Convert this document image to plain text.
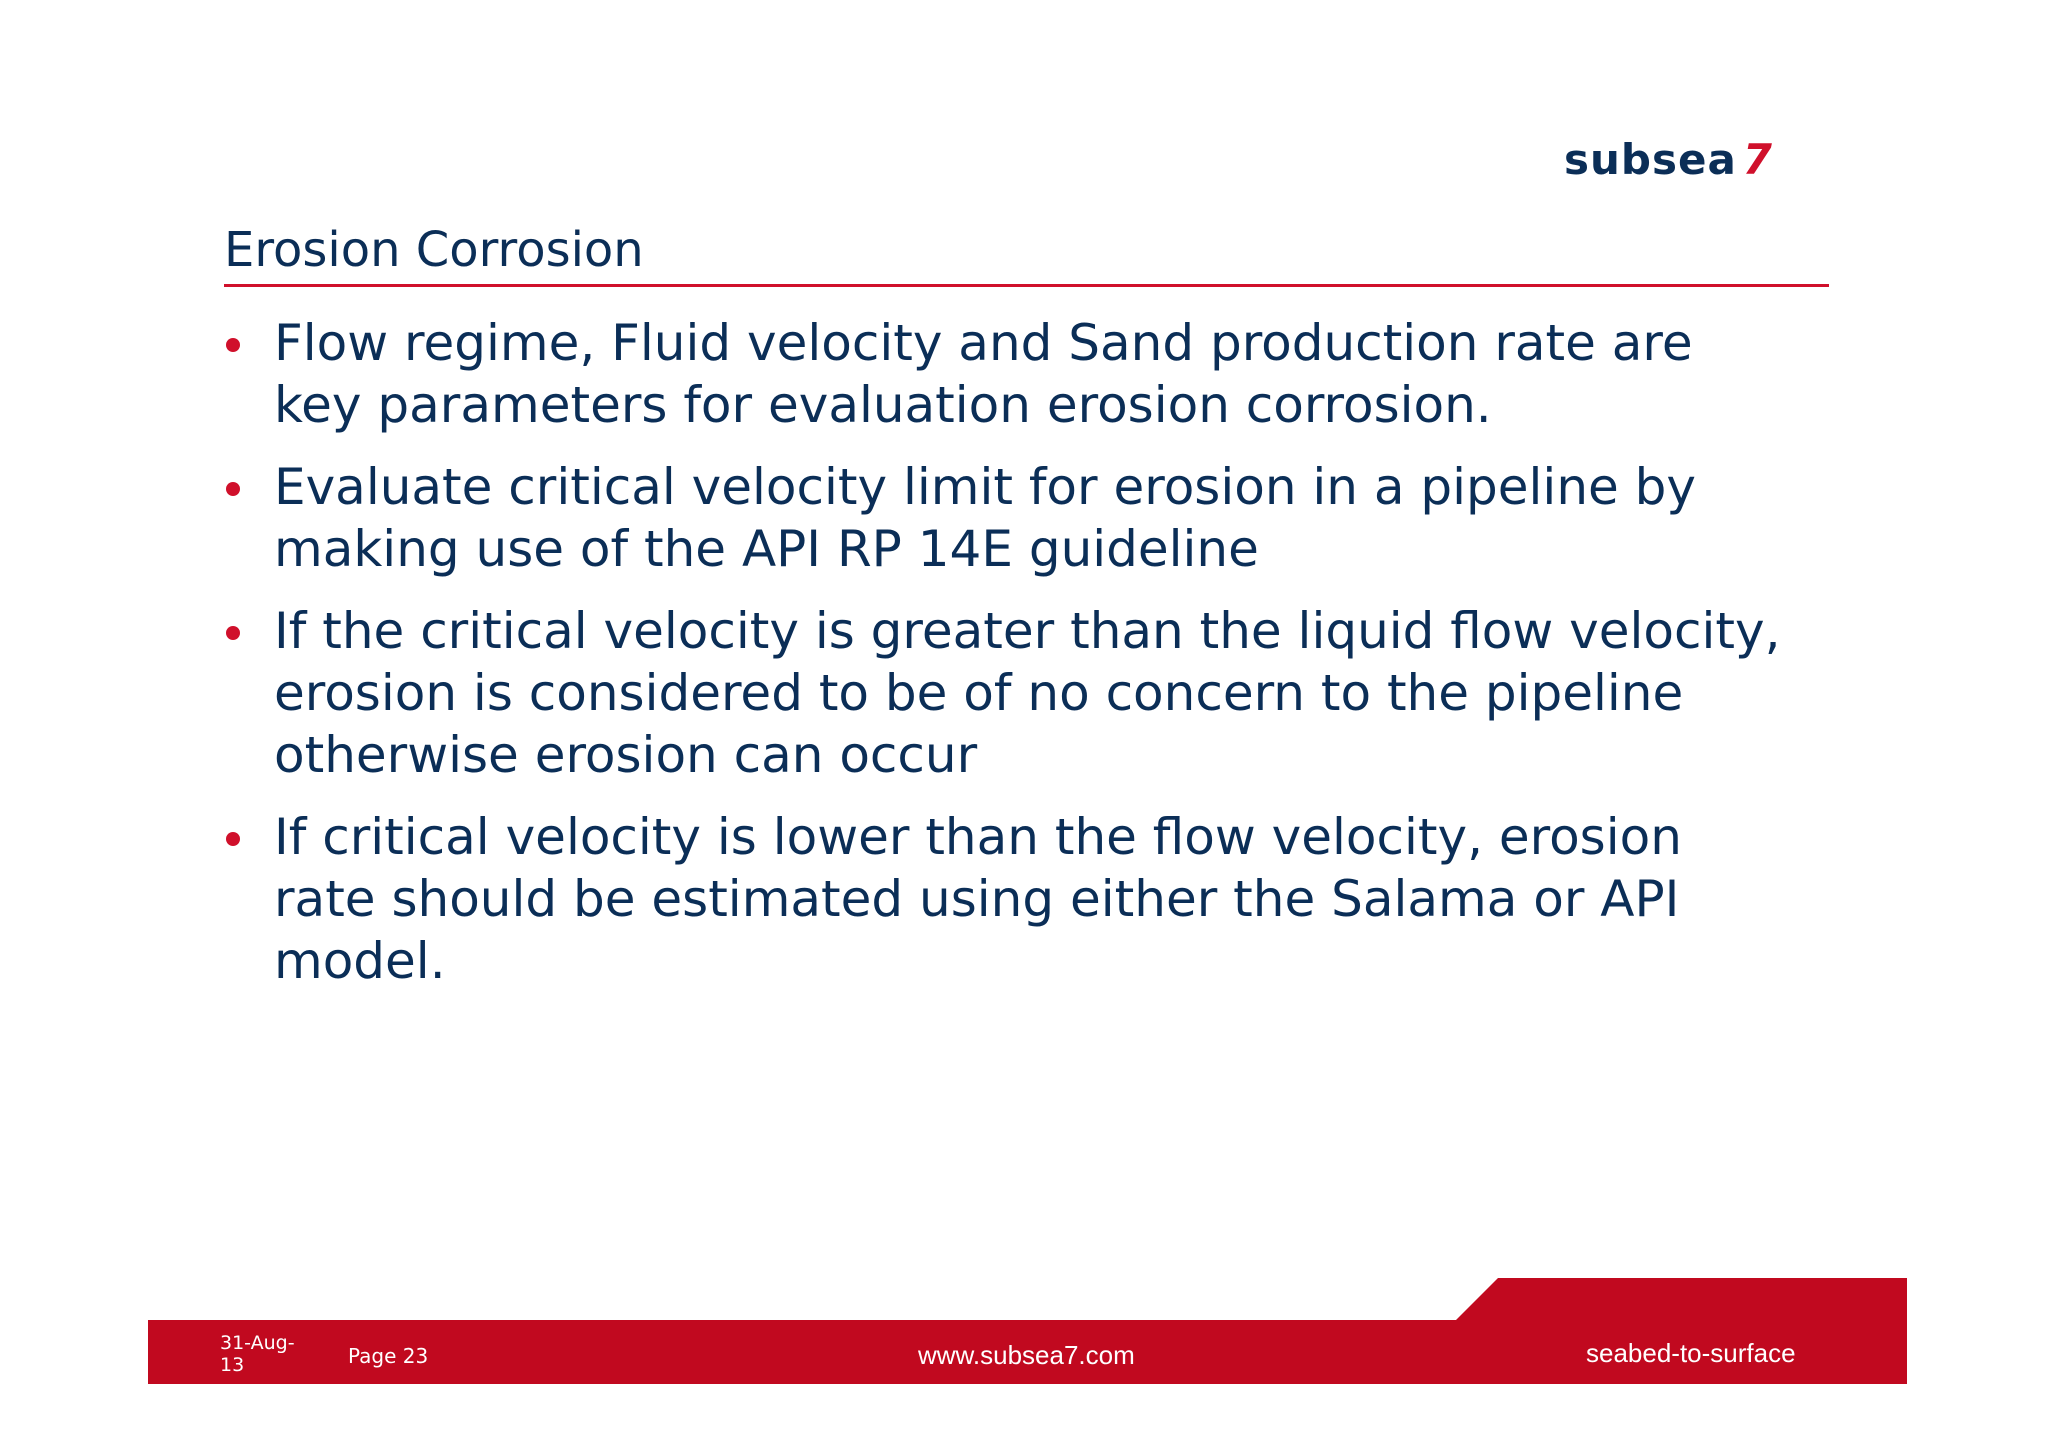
subsea 7
Erosion Corrosion
Flow regime, Fluid velocity and Sand production rate are key parameters for evaluation erosion corrosion.
Evaluate critical velocity limit for erosion in a pipeline by making use of the API RP 14E guideline
If the critical velocity is greater than the liquid flow velocity, erosion is considered to be of no concern to the pipeline otherwise erosion can occur
If critical velocity is lower than the flow velocity, erosion rate should be estimated using either the Salama or API model.
31-Aug-
13	Page 23	www.subsea7.com	seabed-to-surface
